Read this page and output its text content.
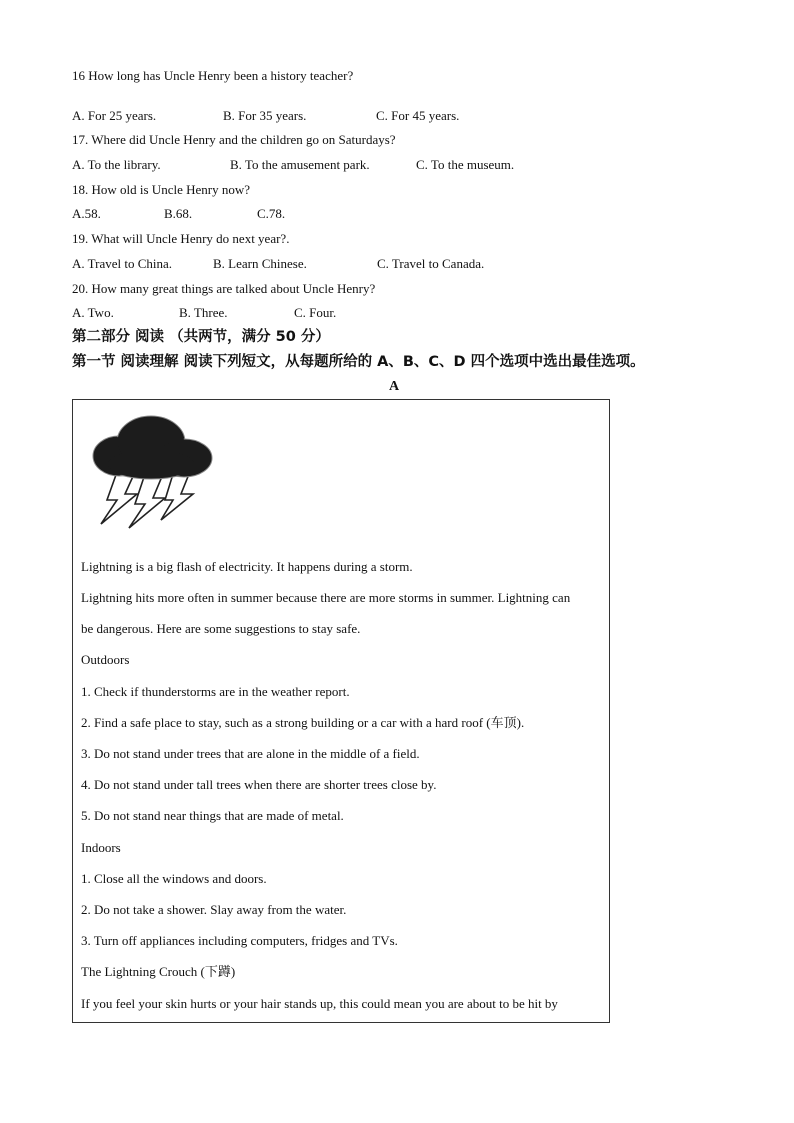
16 How long has Uncle Henry been a history teacher?
A. For 25 years.	B. For 35 years.	C. For 45 years.
17. Where did Uncle Henry and the children go on Saturdays?
A. To the library.	B. To the amusement park.	C. To the museum.
18. How old is Uncle Henry now?
A.58.	B.68.	C.78.
19. What will Uncle Henry do next year?.
A. Travel to China.	B. Learn Chinese.	C. Travel to Canada.
20. How many great things are talked about Uncle Henry?
A. Two.	B. Three.	C. Four.
第二部分 阅读 （共两节，满分 50 分）
第一节 阅读理解 阅读下列短文，从每题所给的 A、B、C、D 四个选项中选出最佳选项。
A
Lightning is a big flash of electricity. It happens during a storm.
Lightning hits more often in summer because there are more storms in summer. Lightning can
be dangerous. Here are some suggestions to stay safe.
Outdoors
1. Check if thunderstorms are in the weather report.
2. Find a safe place to stay, such as a strong building or a car with a hard roof (车顶).
3. Do not stand under trees that are alone in the middle of a field.
4. Do not stand under tall trees when there are shorter trees close by.
5. Do not stand near things that are made of metal.
Indoors
1. Close all the windows and doors.
2. Do not take a shower. Slay away from the water.
3. Turn off appliances including computers, fridges and TVs.
The Lightning Crouch (下蹲)
If you feel your skin hurts or your hair stands up, this could mean you are about to be hit by
